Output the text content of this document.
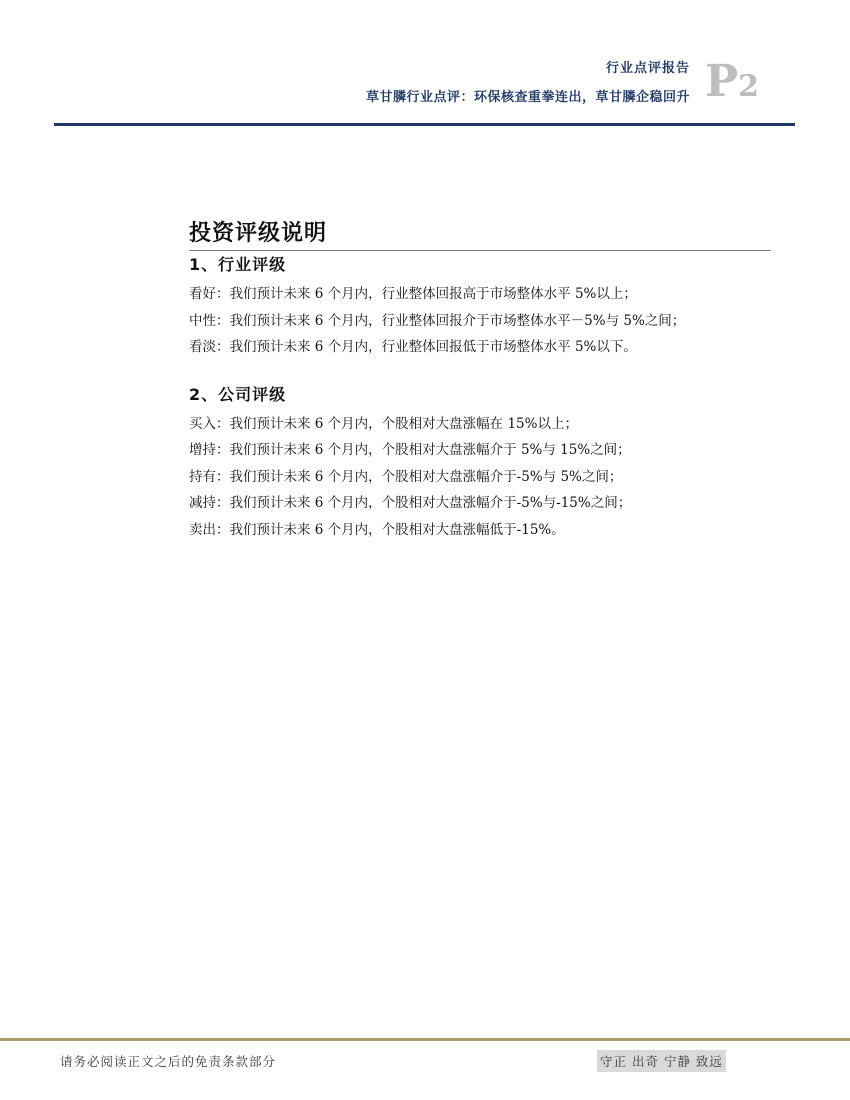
行业点评报告
草甘膦行业点评：环保核查重拳连出，草甘膦企稳回升 P2
投资评级说明
1、行业评级
看好：我们预计未来 6 个月内，行业整体回报高于市场整体水平 5%以上；
中性：我们预计未来 6 个月内，行业整体回报介于市场整体水平－5%与 5%之间；
看淡：我们预计未来 6 个月内，行业整体回报低于市场整体水平 5%以下。
2、公司评级
买入：我们预计未来 6 个月内，个股相对大盘涨幅在 15%以上；
增持：我们预计未来 6 个月内，个股相对大盘涨幅介于 5%与 15%之间；
持有：我们预计未来 6 个月内，个股相对大盘涨幅介于-5%与 5%之间；
减持：我们预计未来 6 个月内，个股相对大盘涨幅介于-5%与-15%之间；
卖出：我们预计未来 6 个月内，个股相对大盘涨幅低于-15%。
请务必阅读正文之后的免责条款部分	守正 出奇 宁静 致远
